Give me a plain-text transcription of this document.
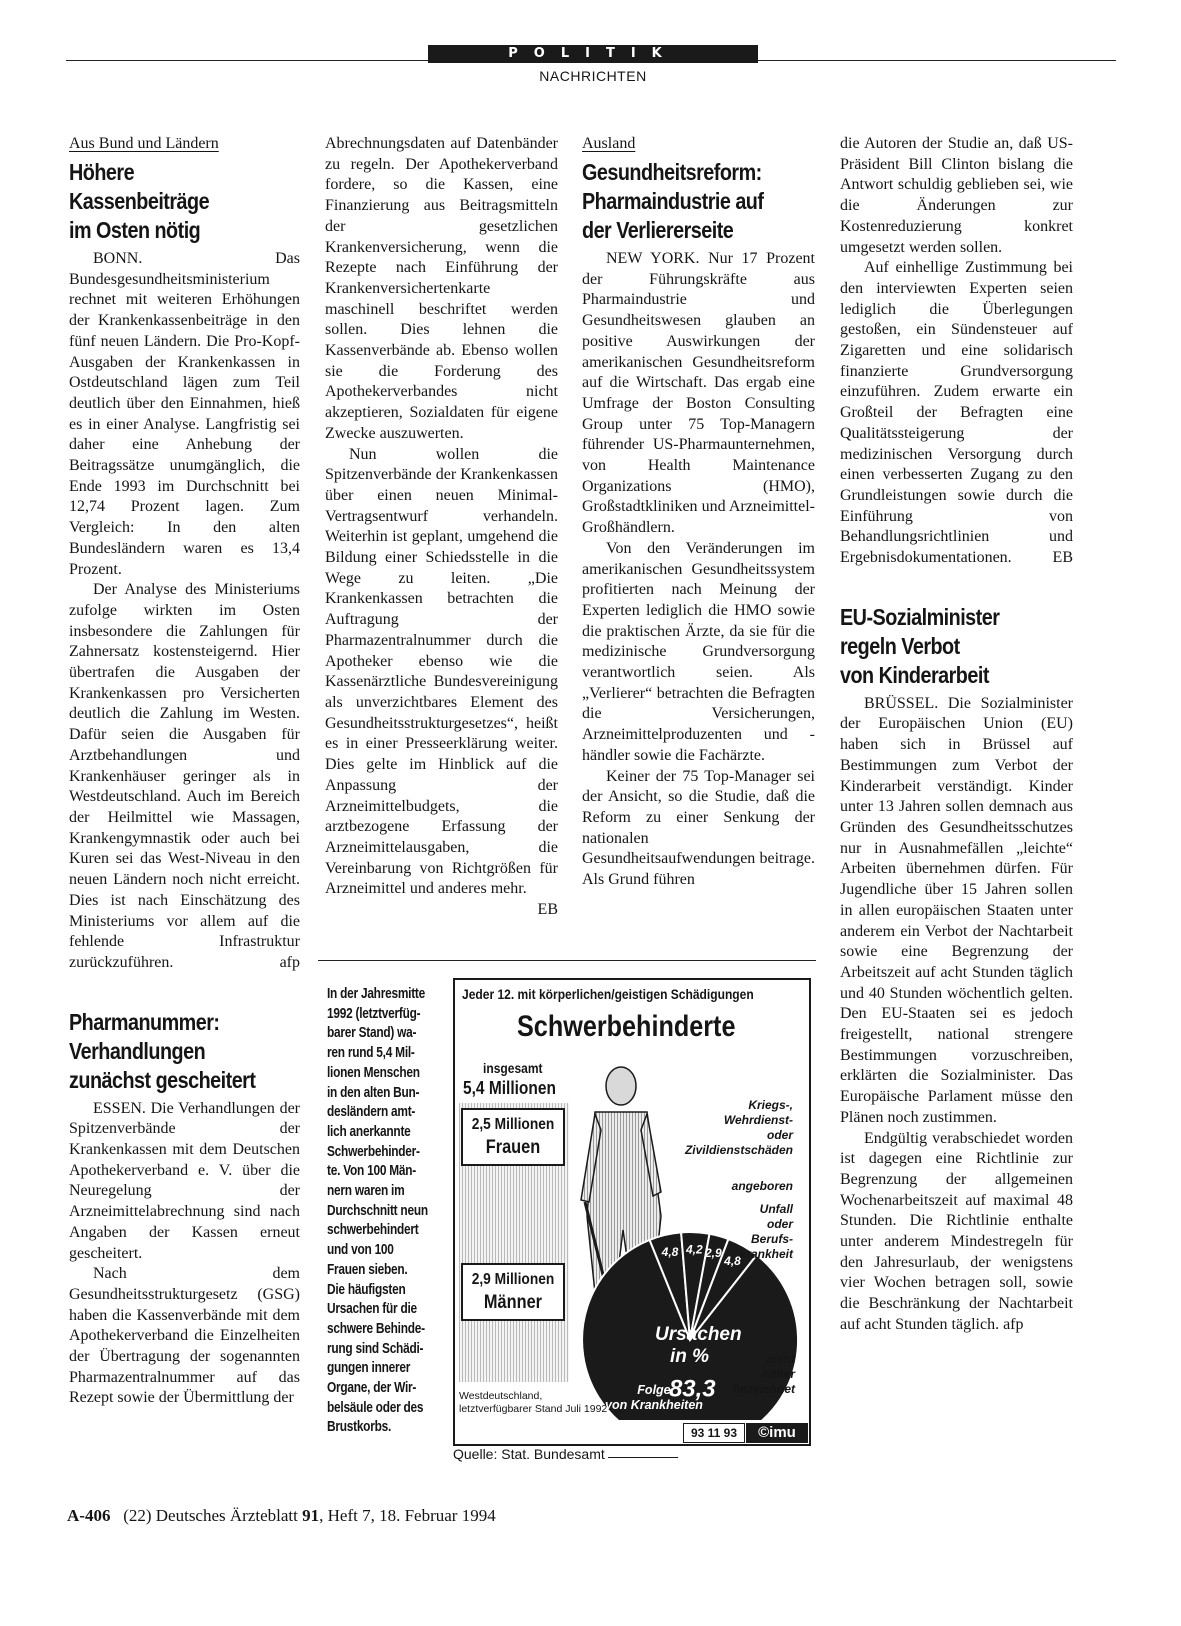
POLITIK
NACHRICHTEN
Aus Bund und Ländern
Höhere
Kassenbeiträge
im Osten nötig

BONN. Das Bundesgesundheitsministerium rechnet mit weiteren Erhöhungen der Krankenkassenbeiträge in den fünf neuen Ländern. Die Pro-Kopf-Ausgaben der Krankenkassen in Ostdeutschland lägen zum Teil deutlich über den Einnahmen, hieß es in einer Analyse. Langfristig sei daher eine Anhebung der Beitragssätze unumgänglich, die Ende 1993 im Durchschnitt bei 12,74 Prozent lagen. Zum Vergleich: In den alten Bundesländern waren es 13,4 Prozent.

Der Analyse des Ministeriums zufolge wirkten im Osten insbesondere die Zahlungen für Zahnersatz kostensteigernd. Hier übertrafen die Ausgaben der Krankenkassen pro Versicherten deutlich die Zahlung im Westen. Dafür seien die Ausgaben für Arztbehandlungen und Krankenhäuser geringer als in Westdeutschland. Auch im Bereich der Heilmittel wie Massagen, Krankengymnastik oder auch bei Kuren sei das West-Niveau in den neuen Ländern noch nicht erreicht. Dies ist nach Einschätzung des Ministeriums vor allem auf die fehlende Infrastruktur zurückzuführen.	afp

Pharmanummer:
Verhandlungen
zunächst gescheitert

ESSEN. Die Verhandlungen der Spitzenverbände der Krankenkassen mit dem Deutschen Apothekerverband e. V. über die Neuregelung der Arzneimittelabrechnung sind nach Angaben der Kassen erneut gescheitert.

Nach dem Gesundheitsstrukturgesetz (GSG) haben die Kassenverbände mit dem Apothekerverband die Einzelheiten der Übertragung der sogenannten Pharmazentralnummer auf das Rezept sowie der Übermittlung der

Abrechnungsdaten auf Datenbänder zu regeln. Der Apothekerverband fordere, so die Kassen, eine Finanzierung aus Beitragsmitteln der gesetzlichen Krankenversicherung, wenn die Rezepte nach Einführung der Krankenversichertenkarte maschinell beschriftet werden sollen. Dies lehnen die Kassenverbände ab. Ebenso wollen sie die Forderung des Apothekerverbandes nicht akzeptieren, Sozialdaten für eigene Zwecke auszuwerten.

Nun wollen die Spitzenverbände der Krankenkassen über einen neuen Minimal-Vertragsentwurf verhandeln. Weiterhin ist geplant, umgehend die Bildung einer Schiedsstelle in die Wege zu leiten. „Die Krankenkassen betrachten die Auftragung der Pharmazentralnummer durch die Apotheker ebenso wie die Kassenärztliche Bundesvereinigung als unverzichtbares Element des Gesundheitsstrukturgesetzes“, heißt es in einer Presseerklärung weiter. Dies gelte im Hinblick auf die Anpassung der Arzneimittelbudgets, die arztbezogene Erfassung der Arzneimittelausgaben, die Vereinbarung von Richtgrößen für Arzneimittel und anderes mehr.
EB

Ausland
Gesundheitsreform:
Pharmaindustrie auf
der Verliererseite

NEW YORK. Nur 17 Prozent der Führungskräfte aus Pharmaindustrie und Gesundheitswesen glauben an positive Auswirkungen der amerikanischen Gesundheitsreform auf die Wirtschaft. Das ergab eine Umfrage der Boston Consulting Group unter 75 Top-Managern führender US-Pharmaunternehmen, von Health Maintenance Organizations (HMO), Großstadtkliniken und Arzneimittel-Großhändlern.

Von den Veränderungen im amerikanischen Gesundheitssystem profitierten nach Meinung der Experten lediglich die HMO sowie die praktischen Ärzte, da sie für die medizinische Grundversorgung verantwortlich seien. Als „Verlierer“ betrachten die Befragten die Versicherungen, Arzneimittelproduzenten und -händler sowie die Fachärzte.

Keiner der 75 Top-Manager sei der Ansicht, so die Studie, daß die Reform zu einer Senkung der nationalen Gesundheitsaufwendungen beitrage. Als Grund führen

die Autoren der Studie an, daß US-Präsident Bill Clinton bislang die Antwort schuldig geblieben sei, wie die Änderungen zur Kostenreduzierung konkret umgesetzt werden sollen.

Auf einhellige Zustimmung bei den interviewten Experten seien lediglich die Überlegungen gestoßen, ein Sündensteuer auf Zigaretten und eine solidarisch finanzierte Grundversorgung einzuführen. Zudem erwarte ein Großteil der Befragten eine Qualitätssteigerung der medizinischen Versorgung durch einen verbesserten Zugang zu den Grundleistungen sowie durch die Einführung von Behandlungsrichtlinien und Ergebnisdokumentationen.	EB

EU-Sozialminister
regeln Verbot
von Kinderarbeit

BRÜSSEL. Die Sozialminister der Europäischen Union (EU) haben sich in Brüssel auf Bestimmungen zum Verbot der Kinderarbeit verständigt. Kinder unter 13 Jahren sollen demnach aus Gründen des Gesundheitsschutzes nur in Ausnahmefällen „leichte“ Arbeiten übernehmen dürfen. Für Jugendliche über 15 Jahren sollen in allen europäischen Staaten unter anderem ein Verbot der Nachtarbeit sowie eine Begrenzung der Arbeitszeit auf acht Stunden täglich und 40 Stunden wöchentlich gelten. Den EU-Staaten sei es jedoch freigestellt, national strengere Bestimmungen vorzuschreiben, erklärten die Sozialminister. Das Europäische Parlament müsse den Plänen noch zustimmen.

Endgültig verabschiedet worden ist dagegen eine Richtlinie zur Begrenzung der allgemeinen Wochenarbeitszeit auf maximal 48 Stunden. Die Richtlinie enthalte unter anderem Mindestregeln für den Jahresurlaub, der wenigstens vier Wochen betragen soll, sowie die Beschränkung der Nachtarbeit auf acht Stunden täglich. afp

In der Jahresmitte
1992 (letztverfüg-
barer Stand) wa-
ren rund 5,4 Mil-
lionen Menschen
in den alten Bun-
desländern amt-
lich anerkannte
Schwerbehinder-
te. Von 100 Män-
nern waren im
Durchschnitt neun
schwerbehindert
und von 100
Frauen sieben.
Die häufigsten
Ursachen für die
schwere Behinde-
rung sind Schädi-
gungen innerer
Organe, der Wir-
belsäule oder des
Brustkorbs.
Jeder 12. mit körperlichen/geistigen Schädigungen
Schwerbehinderte
insgesamt
5,4 Millionen
2,5 Millionen
Frauen
2,9 Millionen
Männer
4,8 4,2 2,9
4,8
83,3
Ursachen
in %
Kriegs-,
Wehrdienst-
oder
Zivildienstschäden
angeboren
Unfall
oder
Berufs-
krankheit
nicht
näher
bezeichnet
Folge
von Krankheiten
Westdeutschland,
letztverfügbarer Stand Juli 1992
93 11 93	©imu
Quelle: Stat. Bundesamt
A-406 (22) Deutsches Ärzteblatt 91, Heft 7, 18. Februar 1994
